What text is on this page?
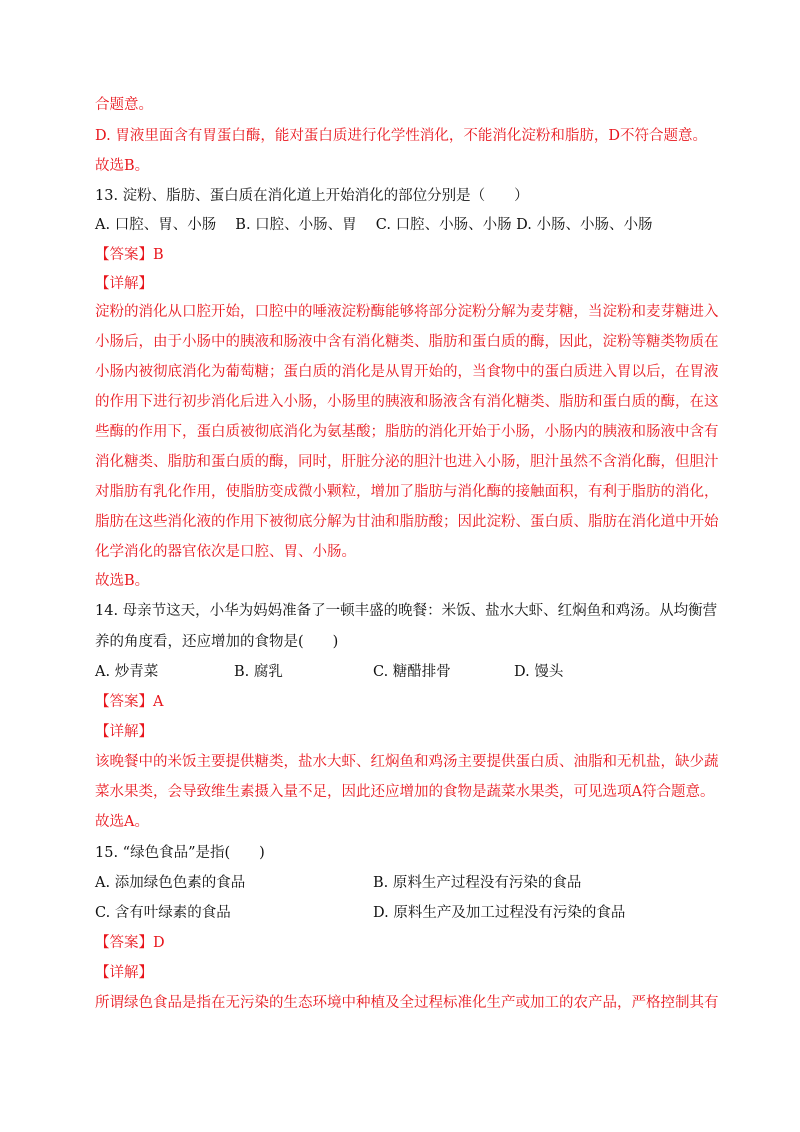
合题意。
D. 胃液里面含有胃蛋白酶，能对蛋白质进行化学性消化，不能消化淀粉和脂肪，D不符合题意。
故选B。
13. 淀粉、脂肪、蛋白质在消化道上开始消化的部位分别是（　　）
A. 口腔、胃、小肠　 B. 口腔、小肠、胃　 C. 口腔、小肠、小肠 D. 小肠、小肠、小肠
【答案】B
【详解】
淀粉的消化从口腔开始，口腔中的唾液淀粉酶能够将部分淀粉分解为麦芽糖，当淀粉和麦芽糖进入
小肠后，由于小肠中的胰液和肠液中含有消化糖类、脂肪和蛋白质的酶，因此，淀粉等糖类物质在
小肠内被彻底消化为葡萄糖；蛋白质的消化是从胃开始的，当食物中的蛋白质进入胃以后，在胃液
的作用下进行初步消化后进入小肠，小肠里的胰液和肠液含有消化糖类、脂肪和蛋白质的酶，在这
些酶的作用下，蛋白质被彻底消化为氨基酸；脂肪的消化开始于小肠，小肠内的胰液和肠液中含有
消化糖类、脂肪和蛋白质的酶，同时，肝脏分泌的胆汁也进入小肠，胆汁虽然不含消化酶，但胆汁
对脂肪有乳化作用，使脂肪变成微小颗粒，增加了脂肪与消化酶的接触面积，有利于脂肪的消化，
脂肪在这些消化液的作用下被彻底分解为甘油和脂肪酸；因此淀粉、蛋白质、脂肪在消化道中开始
化学消化的器官依次是口腔、胃、小肠。
故选B。
14. 母亲节这天，小华为妈妈准备了一顿丰盛的晚餐：米饭、盐水大虾、红焖鱼和鸡汤。从均衡营
养的角度看，还应增加的食物是(　　)
A. 炒青菜	B. 腐乳	C. 糖醋排骨	D. 馒头
【答案】A
【详解】
该晚餐中的米饭主要提供糖类，盐水大虾、红焖鱼和鸡汤主要提供蛋白质、油脂和无机盐，缺少蔬
菜水果类，会导致维生素摄入量不足，因此还应增加的食物是蔬菜水果类，可见选项A符合题意。
故选A。
15. “绿色食品”是指(　　)
A. 添加绿色色素的食品	B. 原料生产过程没有污染的食品
C. 含有叶绿素的食品	D. 原料生产及加工过程没有污染的食品
【答案】D
【详解】
所谓绿色食品是指在无污染的生态环境中种植及全过程标准化生产或加工的农产品，严格控制其有
